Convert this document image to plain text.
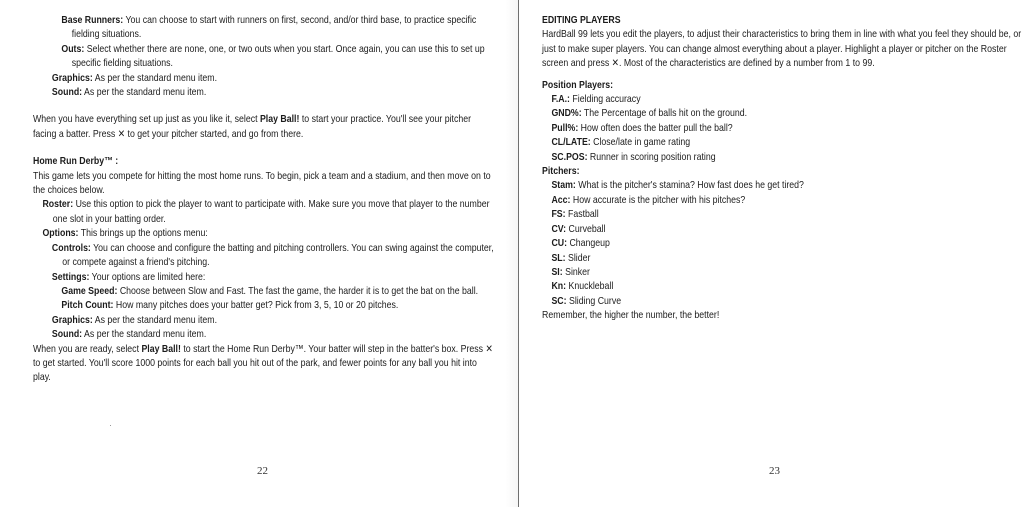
Base Runners: You can choose to start with runners on first, second, and/or third base, to practice specific fielding situations.

Outs: Select whether there are none, one, or two outs when you start. Once again, you can use this to set up specific fielding situations.

Graphics: As per the standard menu item.

Sound: As per the standard menu item.

When you have everything set up just as you like it, select Play Ball! to start your practice. You'll see your pitcher facing a batter. Press ✕ to get your pitcher started, and go from there.

Home Run Derby™ :

This game lets you compete for hitting the most home runs. To begin, pick a team and a stadium, and then move on to the choices below.

Roster: Use this option to pick the player to want to participate with. Make sure you move that player to the number one slot in your batting order.

Options: This brings up the options menu:

Controls: You can choose and configure the batting and pitching controllers. You can swing against the computer, or compete against a friend's pitching.

Settings: Your options are limited here:

Game Speed: Choose between Slow and Fast. The fast the game, the harder it is to get the bat on the ball.

Pitch Count: How many pitches does your batter get? Pick from 3, 5, 10 or 20 pitches.

Graphics: As per the standard menu item.

Sound: As per the standard menu item.

When you are ready, select Play Ball! to start the Home Run Derby™. Your batter will step in the batter's box. Press ✕ to get started. You'll score 1000 points for each ball you hit out of the park, and fewer points for any ball you hit into play.

22

EDITING PLAYERS

HardBall 99 lets you edit the players, to adjust their characteristics to bring them in line with what you feel they should be, or just to make super players. You can change almost everything about a player. Highlight a player or pitcher on the Roster screen and press ✕. Most of the characteristics are defined by a number from 1 to 99.

Position Players:

F.A.: Fielding accuracy

GND%: The Percentage of balls hit on the ground.

Pull%: How often does the batter pull the ball?

CL/LATE: Close/late in game rating

SC.POS: Runner in scoring position rating

Pitchers:

Stam: What is the pitcher's stamina? How fast does he get tired?

Acc: How accurate is the pitcher with his pitches?

FS: Fastball

CV: Curveball

CU: Changeup

SL: Slider

SI: Sinker

Kn: Knuckleball

SC: Sliding Curve

Remember, the higher the number, the better!

23
